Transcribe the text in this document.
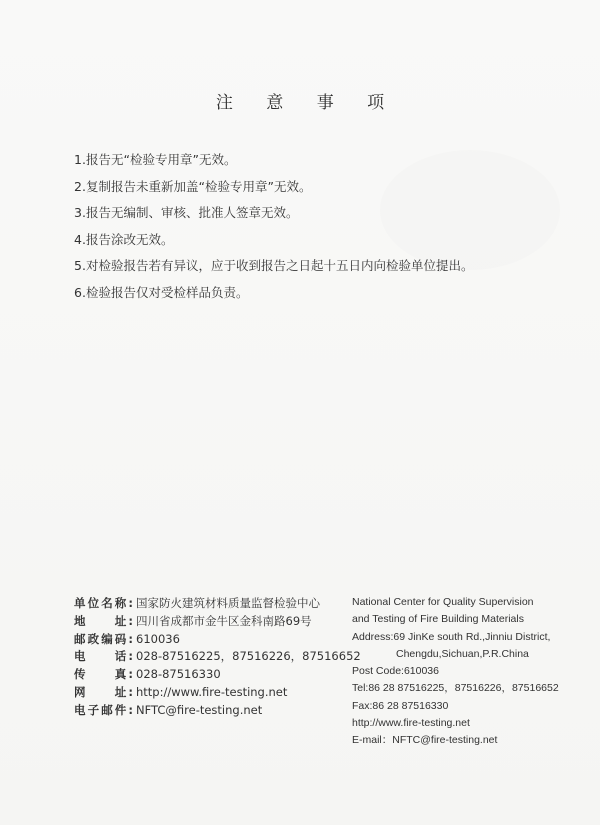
注 意 事 项
1.报告无“检验专用章”无效。
2.复制报告未重新加盖“检验专用章”无效。
3.报告无编制、审核、批准人签章无效。
4.报告涂改无效。
5.对检验报告若有异议，应于收到报告之日起十五日内向检验单位提出。
6.检验报告仅对受检样品负责。
单位名称: 国家防火建筑材料质量监督检验中心
地　　址: 四川省成都市金牛区金科南路69号
邮政编码: 610036
电　　话: 028-87516225，87516226，87516652
传　　真: 028-87516330
网　　址: http://www.fire-testing.net
电子邮件: NFTC@fire-testing.net
National Center for Quality Supervision
and Testing of Fire Building Materials
Address:69 JinKe south Rd.,Jinniu District,
Chengdu,Sichuan,P.R.China
Post Code:610036
Tel:86 28 87516225，87516226，87516652
Fax:86 28 87516330
http://www.fire-testing.net
E-mail：NFTC@fire-testing.net
